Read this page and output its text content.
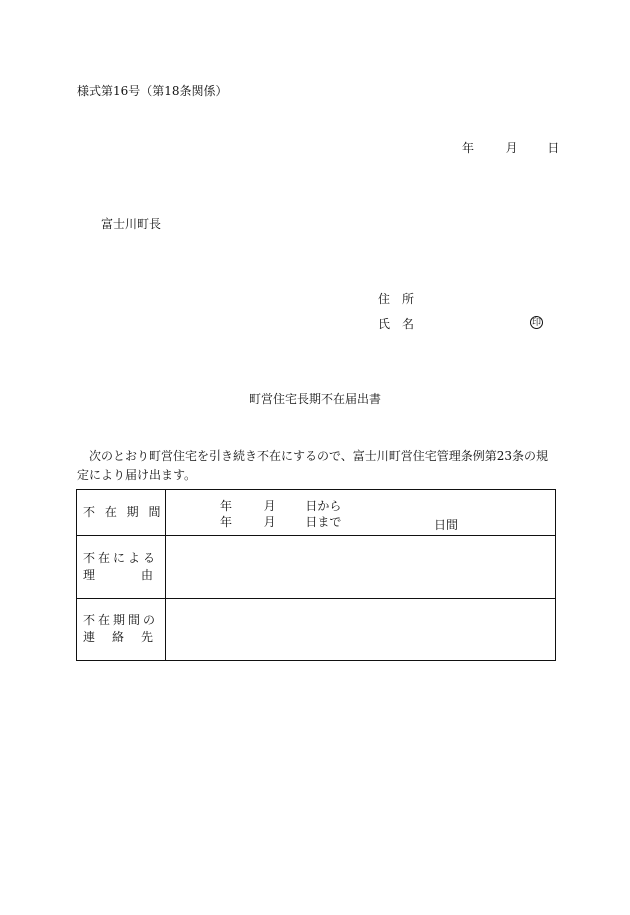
様式第16号（第18条関係）
年	月 日
富士川町長
住　所
氏　名	印
町営住宅長期不在届出書

次のとおり町営住宅を引き続き不在にするので、富士川町営住宅管理条例第23条の規定により届け出ます。

不 在 期 間	年 月 日から
年 月 日まで 日間

不在による
理 由	

不在期間の
連 絡 先	
